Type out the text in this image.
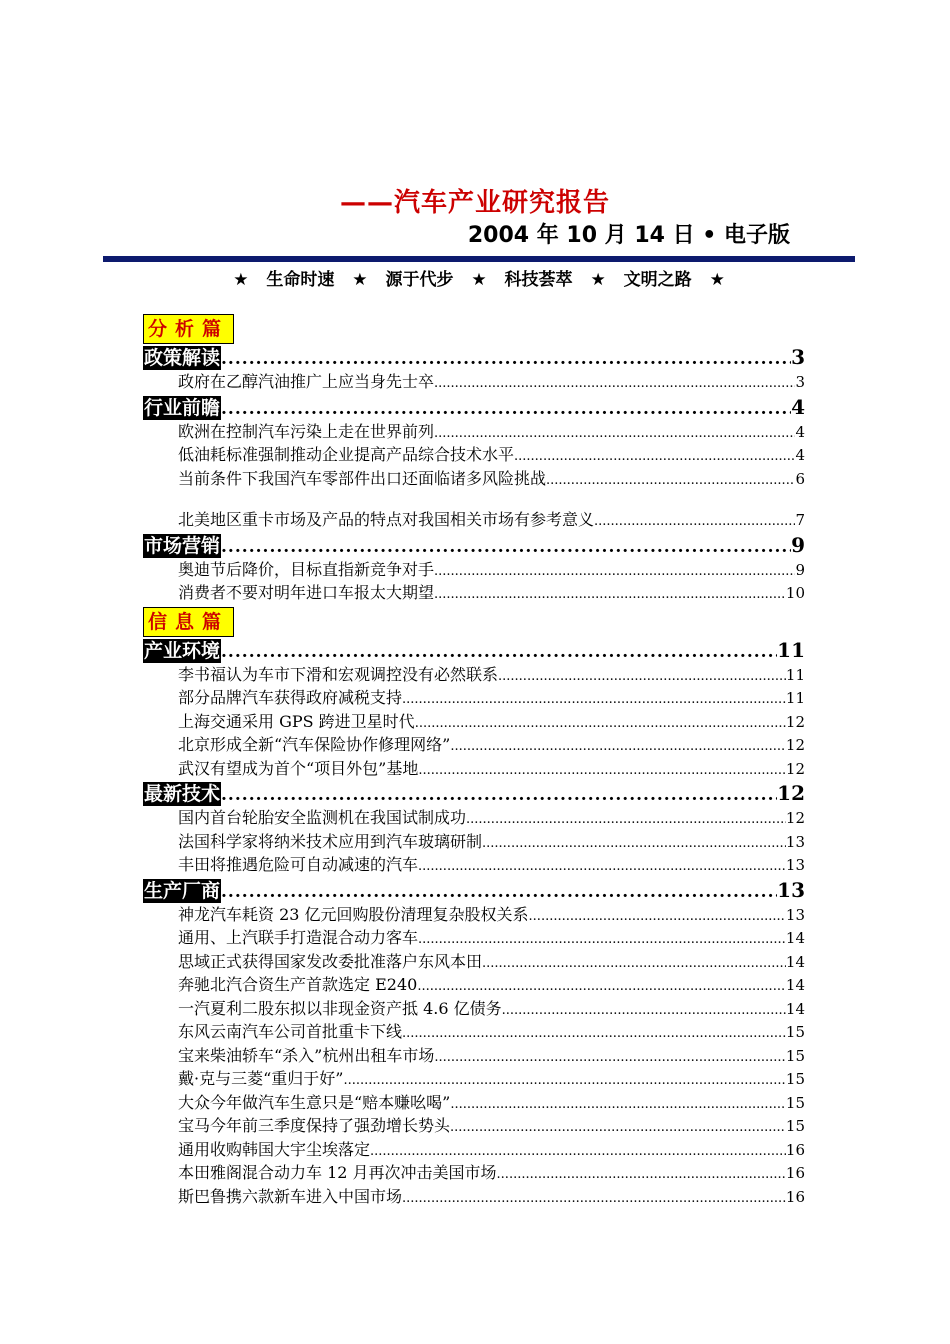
——汽车产业研究报告
2004 年 10 月 14 日 • 电子版
★ 生命时速 ★ 源于代步 ★ 科技荟萃 ★ 文明之路 ★
分析篇
政策解读 .....	3
政府在乙醇汽油推广上应当身先士卒 .....	3
行业前瞻 .....	4
欧洲在控制汽车污染上走在世界前列 .....	4
低油耗标准强制推动企业提高产品综合技术水平 .....	4
当前条件下我国汽车零部件出口还面临诸多风险挑战 .....	6
北美地区重卡市场及产品的特点对我国相关市场有参考意义 .....	7
市场营销 .....	9
奥迪节后降价，目标直指新竞争对手 .....	9
消费者不要对明年进口车报太大期望 .....	10
信息篇
产业环境 .....	11
李书福认为车市下滑和宏观调控没有必然联系 .....	11
部分品牌汽车获得政府减税支持 .....	11
上海交通采用 GPS 跨进卫星时代 .....	12
北京形成全新“汽车保险协作修理网络” .....	12
武汉有望成为首个“项目外包”基地 .....	12
最新技术 .....	12
国内首台轮胎安全监测机在我国试制成功 .....	12
法国科学家将纳米技术应用到汽车玻璃研制 .....	13
丰田将推遇危险可自动减速的汽车 .....	13
生产厂商 .....	13
神龙汽车耗资 23 亿元回购股份清理复杂股权关系 .....	13
通用、上汽联手打造混合动力客车 .....	14
思域正式获得国家发改委批准落户东风本田 .....	14
奔驰北汽合资生产首款选定 E240 .....	14
一汽夏利二股东拟以非现金资产抵 4.6 亿债务 .....	14
东风云南汽车公司首批重卡下线 .....	15
宝来柴油轿车“杀入”杭州出租车市场 .....	15
戴·克与三菱“重归于好” .....	15
大众今年做汽车生意只是“赔本赚吆喝” .....	15
宝马今年前三季度保持了强劲增长势头 .....	15
通用收购韩国大宇尘埃落定 .....	16
本田雅阁混合动力车 12 月再次冲击美国市场 .....	16
斯巴鲁携六款新车进入中国市场 .....	16
